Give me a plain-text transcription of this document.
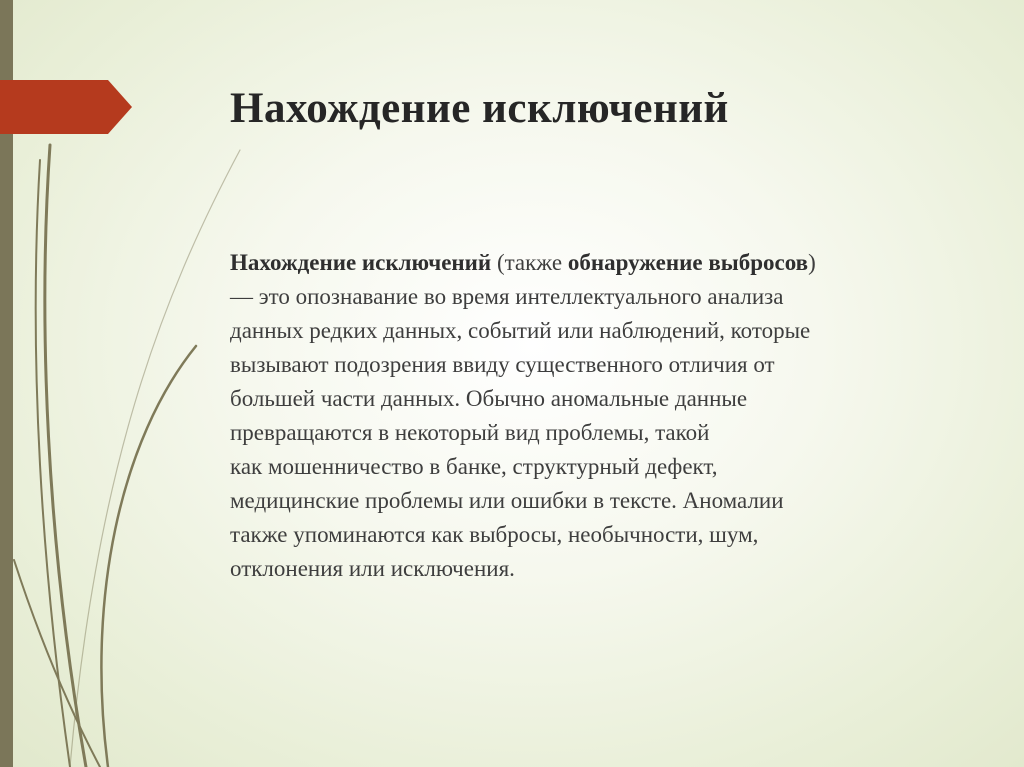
Нахождение исключений

Нахождение исключений (также обнаружение выбросов)
— это опознавание во время интеллектуального анализа
данных редких данных, событий или наблюдений, которые
вызывают подозрения ввиду существенного отличия от
большей части данных. Обычно аномальные данные
превращаются в некоторый вид проблемы, такой
как мошенничество в банке, структурный дефект,
медицинские проблемы или ошибки в тексте. Аномалии
также упоминаются как выбросы, необычности, шум,
отклонения или исключения.
